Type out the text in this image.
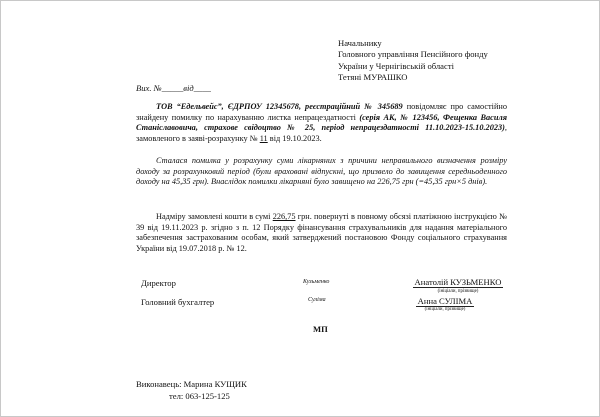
Начальнику
Головного управління Пенсійного фонду
України у Чернігівській області
Тетяні МУРАШКО
Вих. №_____від____
ТОВ “Едельвейс”, ЄДРПОУ 12345678, реєстраційний № 345689 повідомляє про самостійно знайдену помилку по нарахуванню листка непрацездатності (серія АК, № 123456, Фещенка Василя Станіславовича, страхове свідоцтво № 25, період непрацездатності 11.10.2023-15.10.2023), замовленого в заяві-розрахунку № 11 від 19.10.2023.
Сталася помилка у розрахунку суми лікарняних з причини неправильного визначення розміру доходу за розрахунковий період (були враховані відпускні, що призвело до завищення середньоденного доходу на 45,35 грн). Внаслідок помилки лікарняні було завищено на 226,75 грн (=45,35 грн×5 днів).
Надміру замовлені кошти в сумі 226,75 грн. повернуті в повному обсязі платіжною інструкцією № 39 від 19.11.2023 р. згідно з п. 12 Порядку фінансування страхувальників для надання матеріального забезпечення застрахованим особам, який затверджений постановою Фонду соціального страхування України від 19.07.2018 р. № 12.
Директор	Кузьменко	Анатолій КУЗЬМЕНКО
(ініціали, прізвище)
Головний бухгалтер	Сулiма	Анна СУЛІМА
(ініціали, прізвище)
МП
Виконавець: Марина КУЩИК
тел: 063-125-125
